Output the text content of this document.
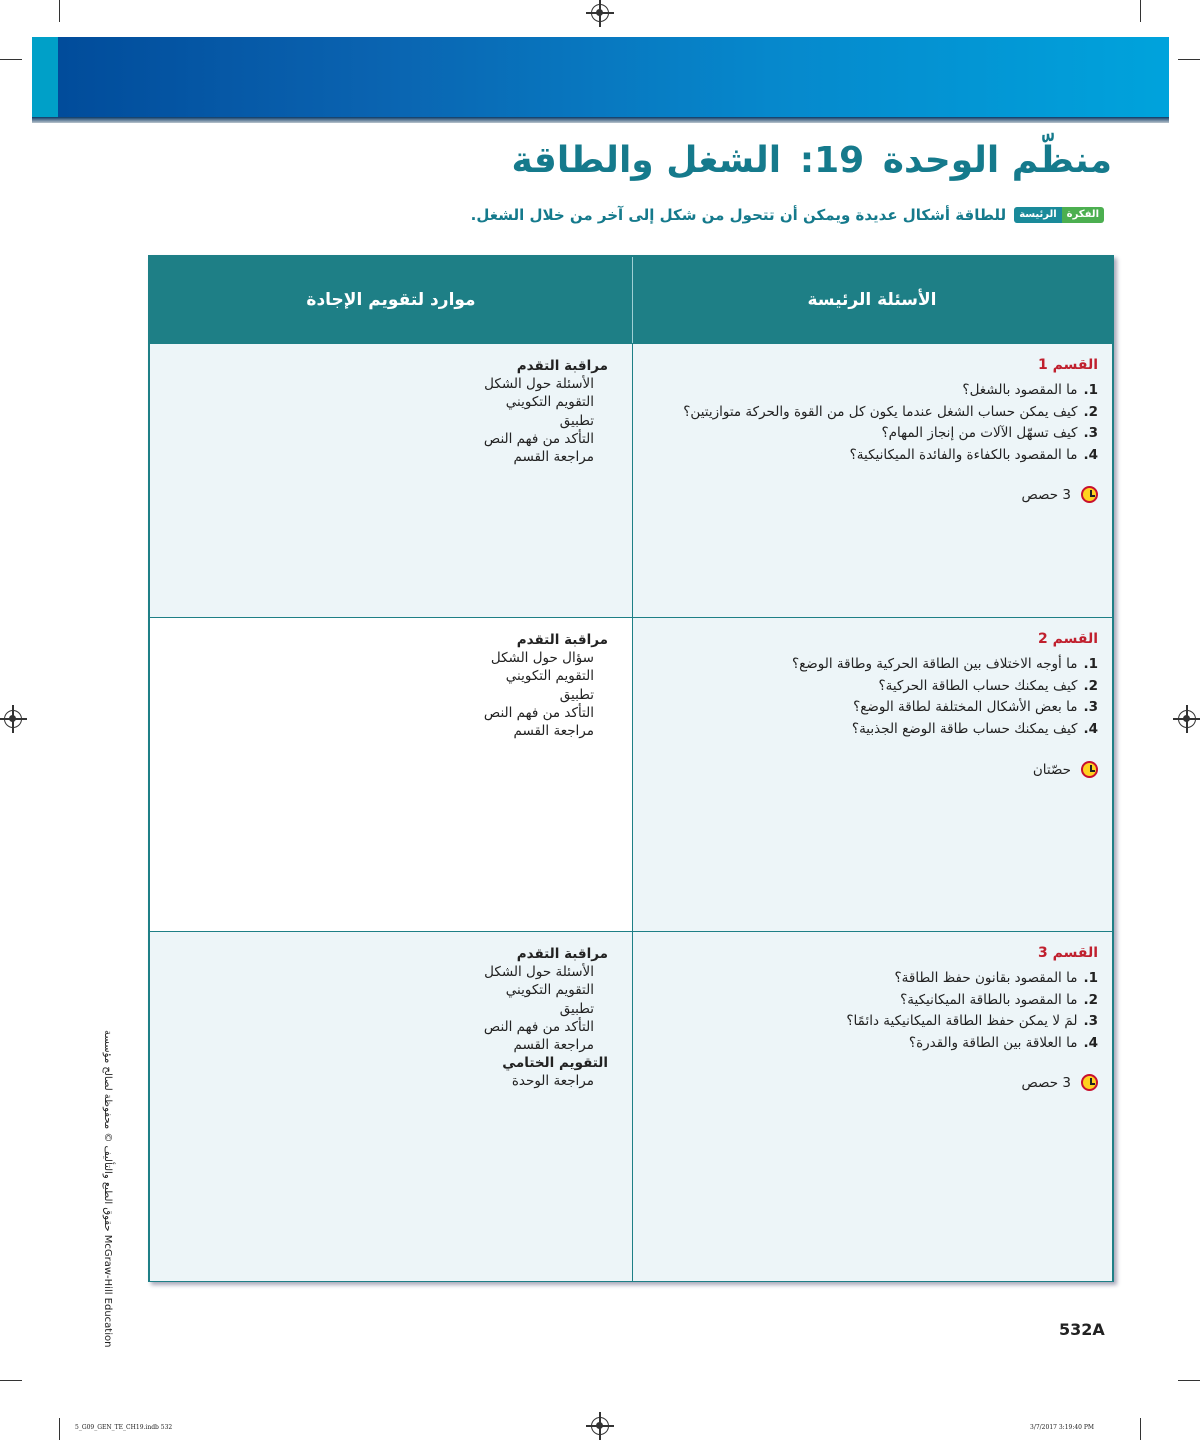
منظّم الوحدة 19: الشغل والطاقة
الفكرة
الرئيسة
للطاقة أشكال عديدة ويمكن أن تتحول من شكل إلى آخر من خلال الشغل.
الأسئلة الرئيسة
موارد لتقويم الإجادة
القسم 1
1.ما المقصود بالشغل؟
2.كيف يمكن حساب الشغل عندما يكون كل من القوة والحركة متوازيتين؟
3.كيف تسهّل الآلات من إنجاز المهام؟
4.ما المقصود بالكفاءة والفائدة الميكانيكية؟
3 حصص
مراقبة التقدم
الأسئلة حول الشكل
التقويم التكويني
تطبيق
التأكد من فهم النص
مراجعة القسم
القسم 2
1.ما أوجه الاختلاف بين الطاقة الحركية وطاقة الوضع؟
2.كيف يمكنك حساب الطاقة الحركية؟
3.ما بعض الأشكال المختلفة لطاقة الوضع؟
4.كيف يمكنك حساب طاقة الوضع الجذبية؟
حصّتان
مراقبة التقدم
سؤال حول الشكل
التقويم التكويني
تطبيق
التأكد من فهم النص
مراجعة القسم
القسم 3
1.ما المقصود بقانون حفظ الطاقة؟
2.ما المقصود بالطاقة الميكانيكية؟
3.لمَ لا يمكن حفظ الطاقة الميكانيكية دائمًا؟
4.ما العلاقة بين الطاقة والقدرة؟
3 حصص
مراقبة التقدم
الأسئلة حول الشكل
التقويم التكويني
تطبيق
التأكد من فهم النص
مراجعة القسم
التقويم الختامي
مراجعة الوحدة
حقوق الطبع والتأليف © محفوظة لصالح مؤسسة McGraw-Hill Education	532A
5_G09_GEN_TE_CH19.indb 532	3/7/2017 3:19:40 PM
